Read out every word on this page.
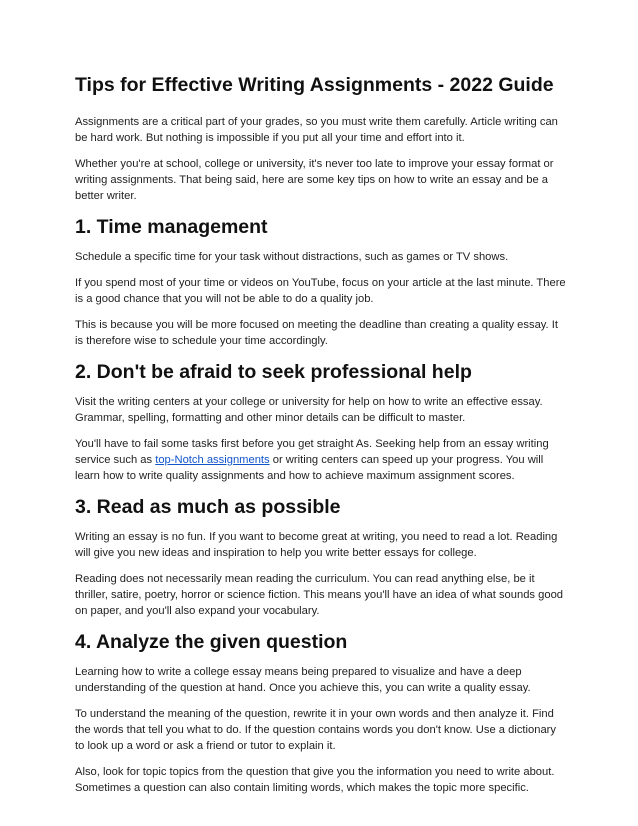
Tips for Effective Writing Assignments - 2022 Guide

Assignments are a critical part of your grades, so you must write them carefully. Article writing can be hard work. But nothing is impossible if you put all your time and effort into it.

Whether you're at school, college or university, it's never too late to improve your essay format or writing assignments. That being said, here are some key tips on how to write an essay and be a better writer.

1. Time management

Schedule a specific time for your task without distractions, such as games or TV shows.

If you spend most of your time or videos on YouTube, focus on your article at the last minute. There is a good chance that you will not be able to do a quality job.

This is because you will be more focused on meeting the deadline than creating a quality essay. It is therefore wise to schedule your time accordingly.

2. Don't be afraid to seek professional help

Visit the writing centers at your college or university for help on how to write an effective essay. Grammar, spelling, formatting and other minor details can be difficult to master.

You'll have to fail some tasks first before you get straight As. Seeking help from an essay writing service such as top-Notch assignments or writing centers can speed up your progress. You will learn how to write quality assignments and how to achieve maximum assignment scores.

3. Read as much as possible

Writing an essay is no fun. If you want to become great at writing, you need to read a lot. Reading will give you new ideas and inspiration to help you write better essays for college.

Reading does not necessarily mean reading the curriculum. You can read anything else, be it thriller, satire, poetry, horror or science fiction. This means you'll have an idea of what sounds good on paper, and you'll also expand your vocabulary.

4. Analyze the given question

Learning how to write a college essay means being prepared to visualize and have a deep understanding of the question at hand. Once you achieve this, you can write a quality essay.

To understand the meaning of the question, rewrite it in your own words and then analyze it. Find the words that tell you what to do. If the question contains words you don't know. Use a dictionary to look up a word or ask a friend or tutor to explain it.

Also, look for topic topics from the question that give you the information you need to write about. Sometimes a question can also contain limiting words, which makes the topic more specific.
